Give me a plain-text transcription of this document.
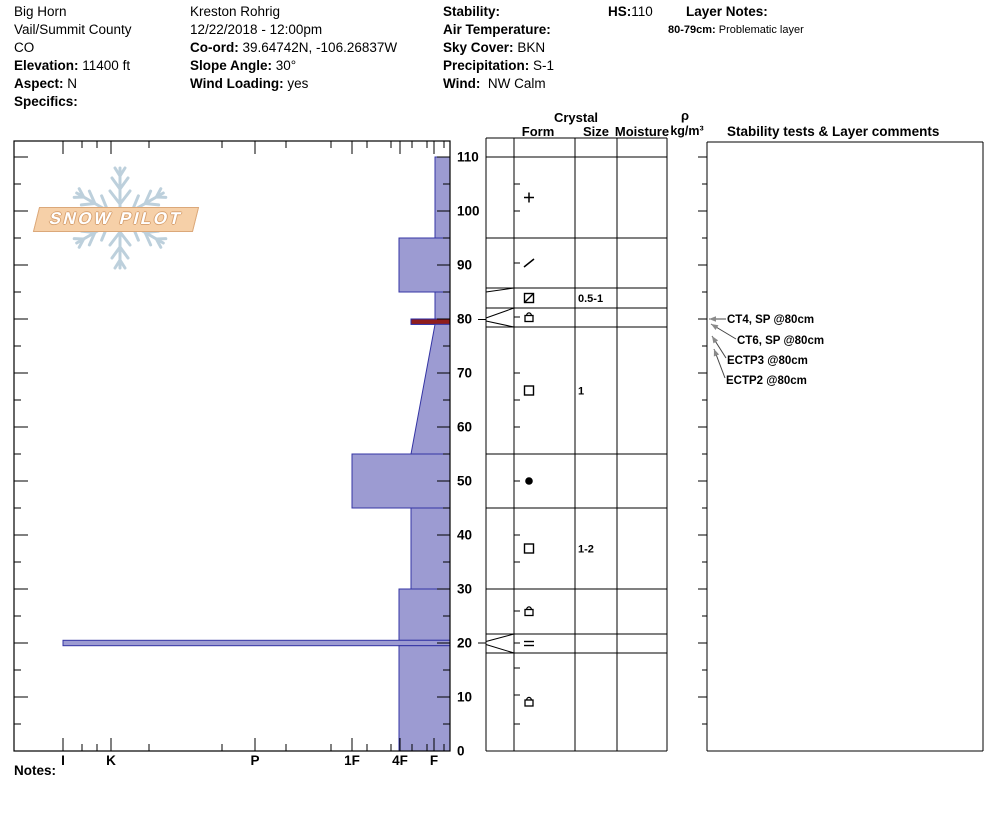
Big Horn
Vail/Summit County
CO
Elevation: 11400 ft
Aspect: N
Specifics:
Kreston Rohrig
12/22/2018 - 12:00pm
Co-ord: 39.64742N, -106.26837W
Slope Angle: 30°
Wind Loading: yes
Stability:
Air Temperature:
Sky Cover: BKN
Precipitation: S-1
Wind: NW Calm
HS:110 Layer Notes:
80-79cm: Problematic layer
SNOW PILOT
I	K	P	1F 4F F
110
100
90
80
70
60
50
40
30
20
10
0
0.5-1
1
1-2
Crystal
Form Size Moisture
ρ
kg/m³ Stability tests & Layer comments
CT4, SP @80cm
CT6, SP @80cm
ECTP3 @80cm
ECTP2 @80cm
Notes:
